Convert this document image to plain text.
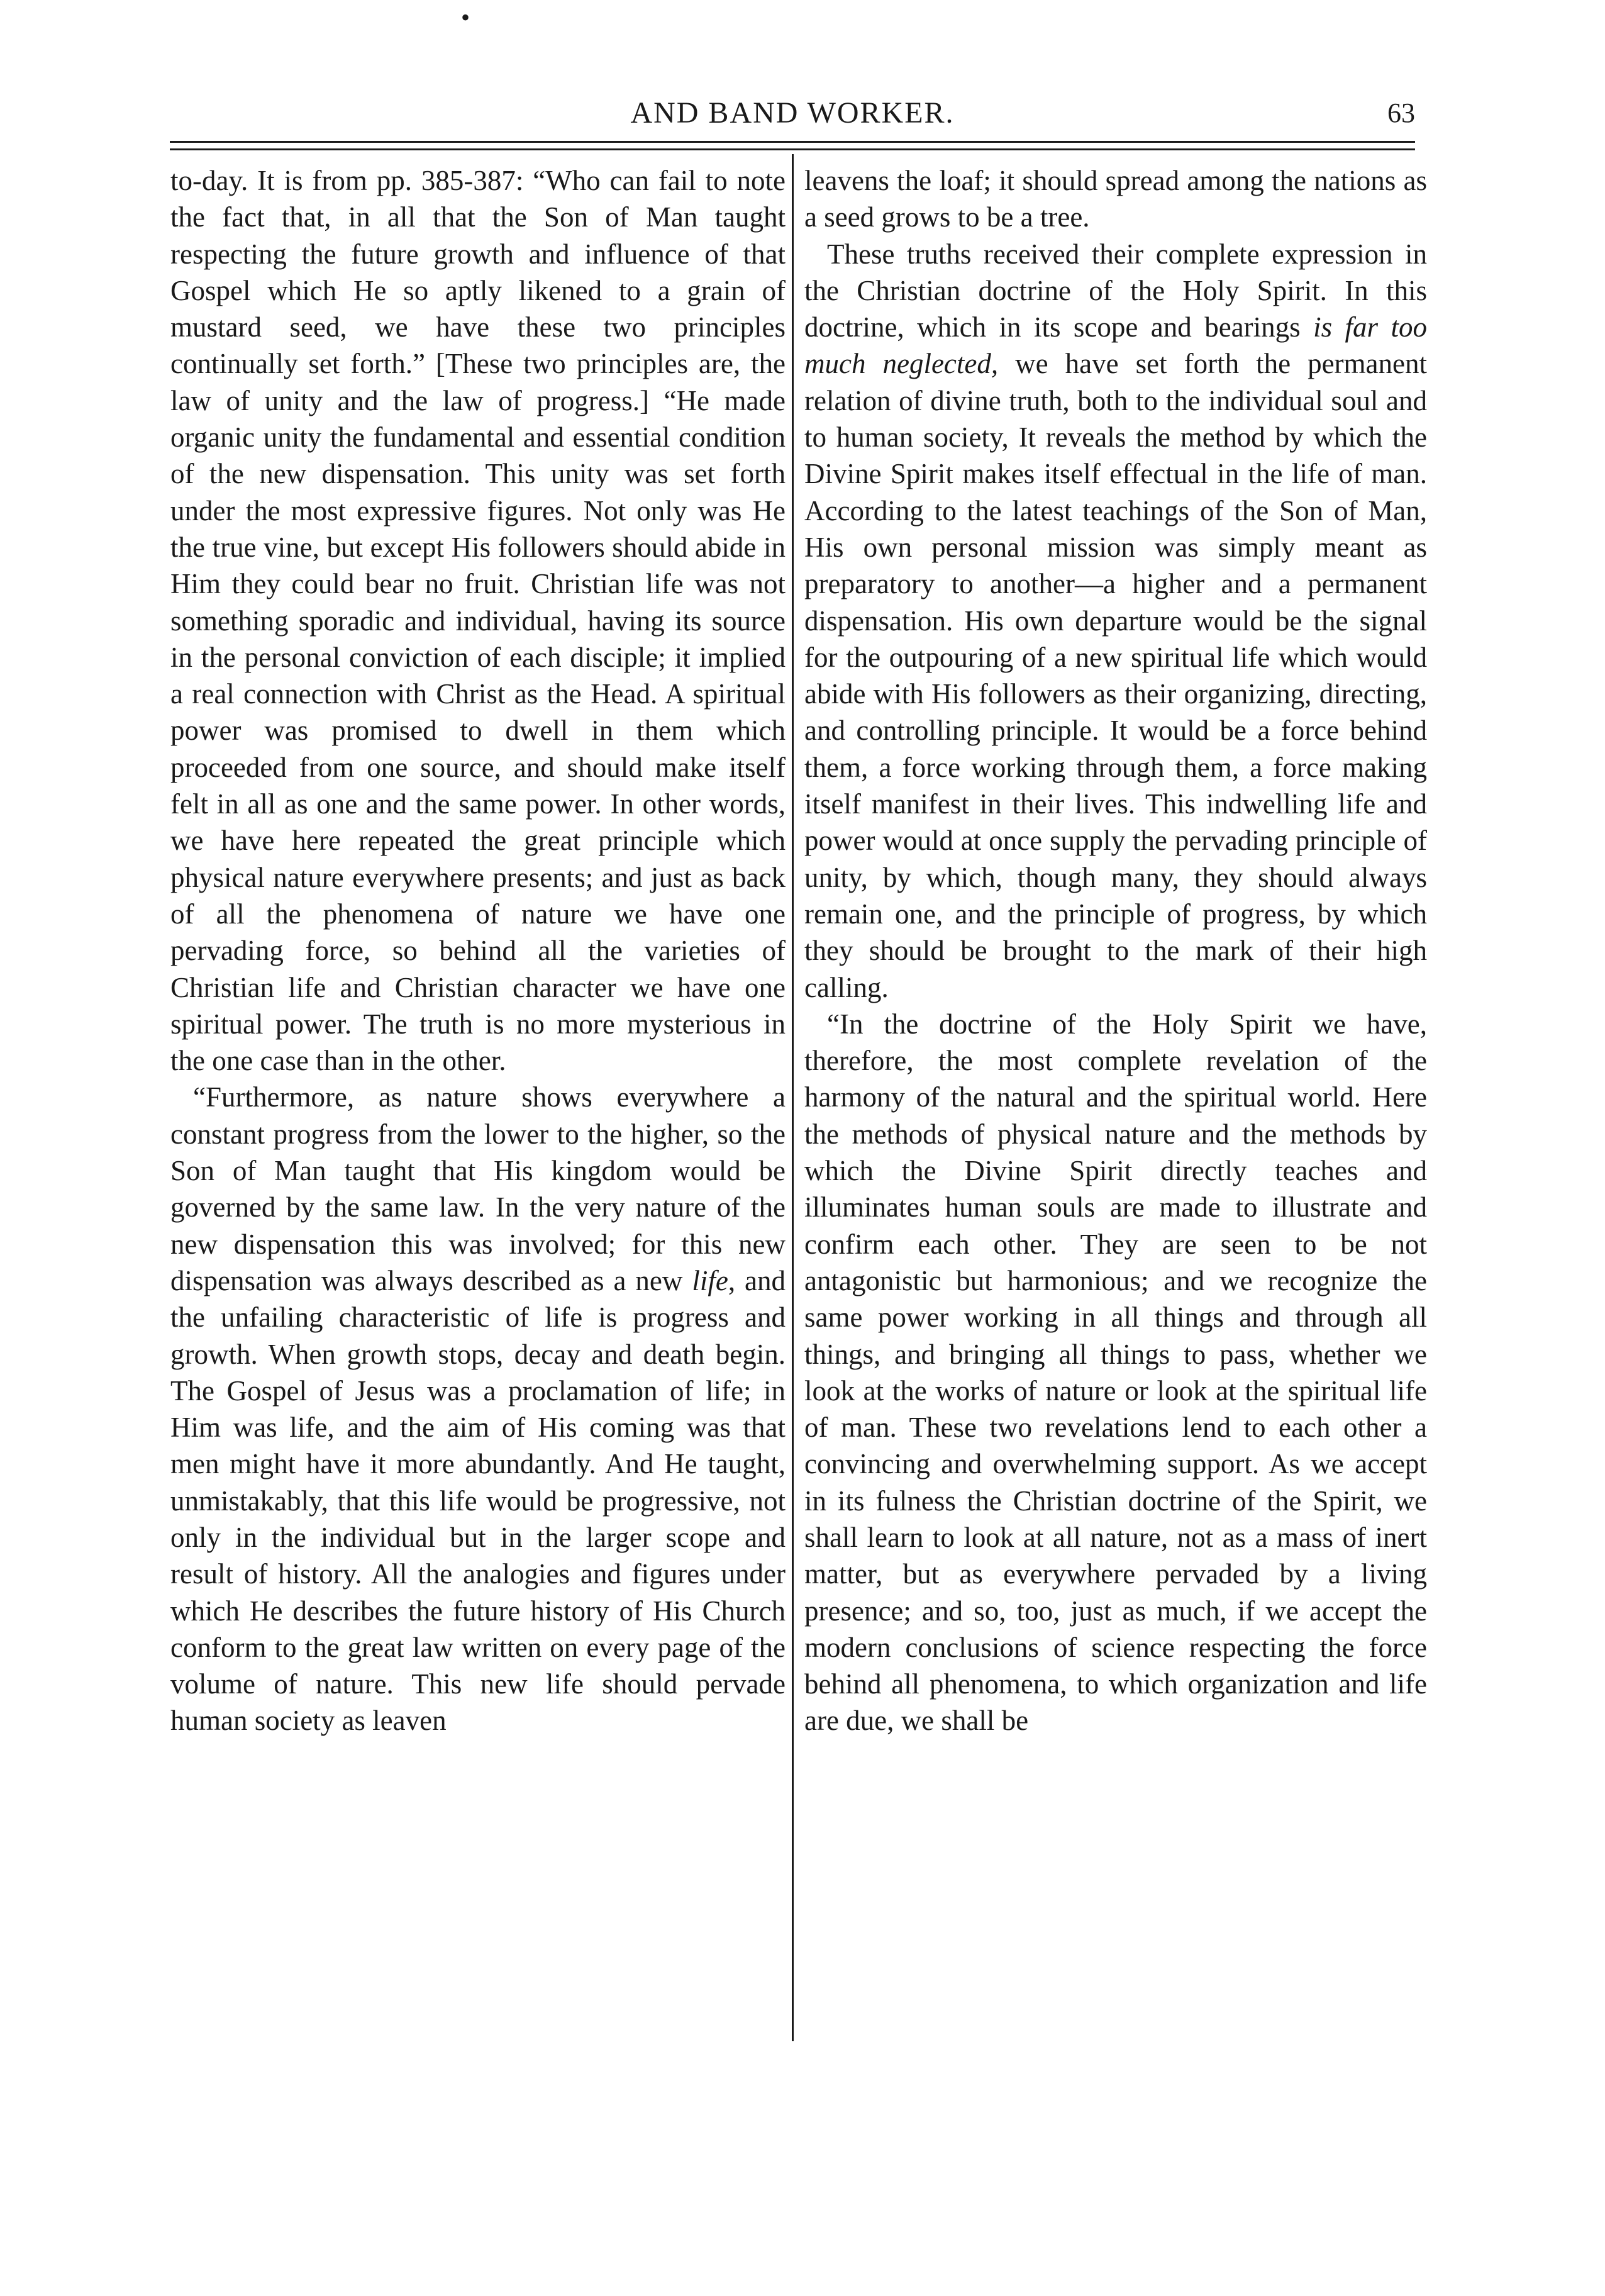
•
AND BAND WORKER.	63

to-day. It is from pp. 385-387: “Who can fail to note the fact that, in all that the Son of Man taught respecting the future growth and influence of that Gospel which He so aptly likened to a grain of mustard seed, we have these two principles continually set forth.” [These two principles are, the law of unity and the law of progress.] “He made organic unity the fundamental and essential condition of the new dispensation. This unity was set forth under the most expressive figures. Not only was He the true vine, but except His followers should abide in Him they could bear no fruit. Christian life was not something sporadic and individual, having its source in the personal conviction of each disciple; it implied a real connection with Christ as the Head. A spiritual power was promised to dwell in them which proceeded from one source, and should make itself felt in all as one and the same power. In other words, we have here repeated the great principle which physical nature everywhere presents; and just as back of all the phenomena of nature we have one pervading force, so behind all the varieties of Christian life and Christian character we have one spiritual power. The truth is no more mysterious in the one case than in the other.

“Furthermore, as nature shows everywhere a constant progress from the lower to the higher, so the Son of Man taught that His kingdom would be governed by the same law. In the very nature of the new dispensation this was involved; for this new dispensation was always described as a new life, and the unfailing characteristic of life is progress and growth. When growth stops, decay and death begin. The Gospel of Jesus was a proclamation of life; in Him was life, and the aim of His coming was that men might have it more abundantly. And He taught, unmistakably, that this life would be progressive, not only in the individual but in the larger scope and result of history. All the analogies and figures under which He describes the future history of His Church conform to the great law written on every page of the volume of nature. This new life should pervade human society as leaven

leavens the loaf; it should spread among the nations as a seed grows to be a tree.

These truths received their complete expression in the Christian doctrine of the Holy Spirit. In this doctrine, which in its scope and bearings is far too much neglected, we have set forth the permanent relation of divine truth, both to the individual soul and to human society, It reveals the method by which the Divine Spirit makes itself effectual in the life of man. According to the latest teachings of the Son of Man, His own personal mission was simply meant as preparatory to another—a higher and a permanent dispensation. His own departure would be the signal for the outpouring of a new spiritual life which would abide with His followers as their organizing, directing, and controlling principle. It would be a force behind them, a force working through them, a force making itself manifest in their lives. This indwelling life and power would at once supply the pervading principle of unity, by which, though many, they should always remain one, and the principle of progress, by which they should be brought to the mark of their high calling.

“In the doctrine of the Holy Spirit we have, therefore, the most complete revelation of the harmony of the natural and the spiritual world. Here the methods of physical nature and the methods by which the Divine Spirit directly teaches and illuminates human souls are made to illustrate and confirm each other. They are seen to be not antagonistic but harmonious; and we recognize the same power working in all things and through all things, and bringing all things to pass, whether we look at the works of nature or look at the spiritual life of man. These two revelations lend to each other a convincing and overwhelming support. As we accept in its fulness the Christian doctrine of the Spirit, we shall learn to look at all nature, not as a mass of inert matter, but as everywhere pervaded by a living presence; and so, too, just as much, if we accept the modern conclusions of science respecting the force behind all phenomena, to which organization and life are due, we shall be
